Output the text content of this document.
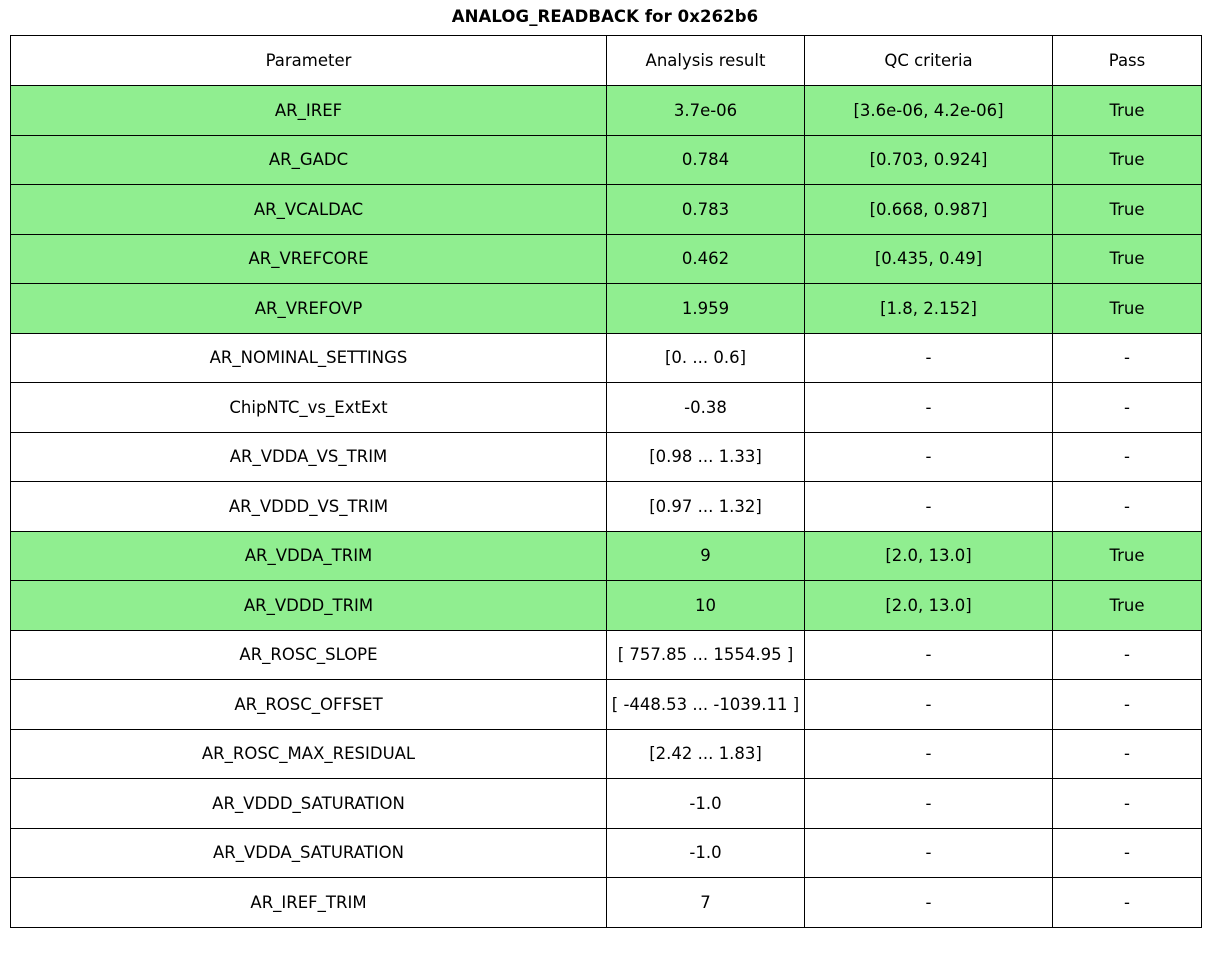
ANALOG_READBACK for 0x262b6
Parameter	Analysis result	QC criteria	Pass
AR_IREF	3.7e-06	[3.6e-06, 4.2e-06]	True
AR_GADC	0.784	[0.703, 0.924]	True
AR_VCALDAC	0.783	[0.668, 0.987]	True
AR_VREFCORE	0.462	[0.435, 0.49]	True
AR_VREFOVP	1.959	[1.8, 2.152]	True
AR_NOMINAL_SETTINGS	[0. ... 0.6]	-	-
ChipNTC_vs_ExtExt	-0.38	-	-
AR_VDDA_VS_TRIM	[0.98 ... 1.33]	-	-
AR_VDDD_VS_TRIM	[0.97 ... 1.32]	-	-
AR_VDDA_TRIM	9	[2.0, 13.0]	True
AR_VDDD_TRIM	10	[2.0, 13.0]	True
AR_ROSC_SLOPE	[ 757.85 ... 1554.95 ]	-	-
AR_ROSC_OFFSET	[ -448.53 ... -1039.11 ]	-	-
AR_ROSC_MAX_RESIDUAL	[2.42 ... 1.83]	-	-
AR_VDDD_SATURATION	-1.0	-	-
AR_VDDA_SATURATION	-1.0	-	-
AR_IREF_TRIM	7	-	-
